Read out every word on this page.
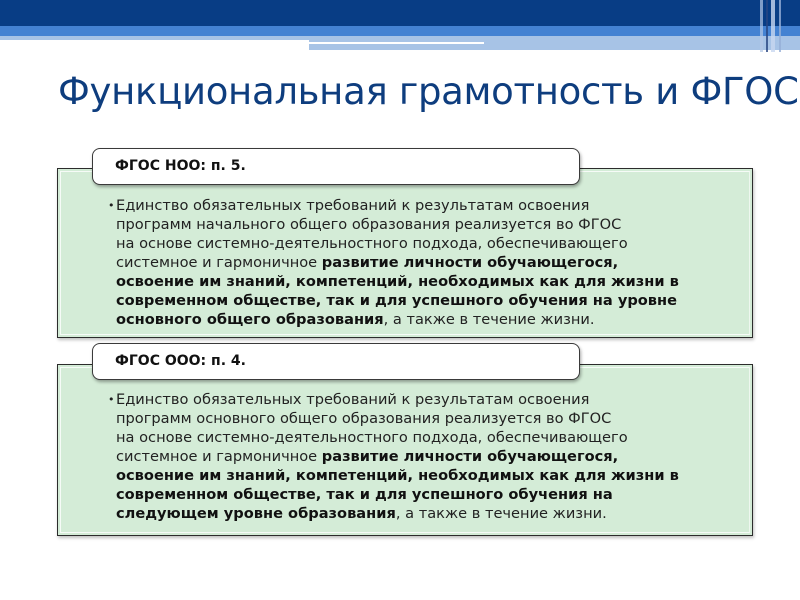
Функциональная грамотность и ФГОС
ФГОС НОО: п. 5.
• Единство обязательных требований к результатам освоения
программ начального общего образования реализуется во ФГОС
на основе системно-деятельностного подхода, обеспечивающего
системное и гармоничное развитие личности обучающегося,
освоение им знаний, компетенций, необходимых как для жизни в
современном обществе, так и для успешного обучения на уровне
основного общего образования, а также в течение жизни.
ФГОС ООО: п. 4.
• Единство обязательных требований к результатам освоения
программ основного общего образования реализуется во ФГОС
на основе системно-деятельностного подхода, обеспечивающего
системное и гармоничное развитие личности обучающегося,
освоение им знаний, компетенций, необходимых как для жизни в
современном обществе, так и для успешного обучения на
следующем уровне образования, а также в течение жизни.
